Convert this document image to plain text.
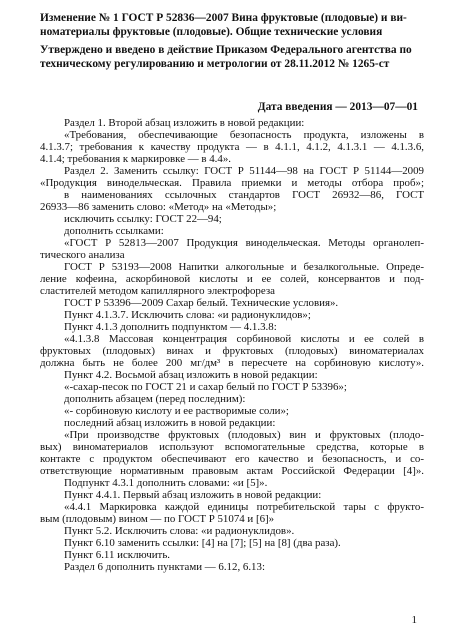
Изменение № 1 ГОСТ Р 52836—2007 Вина фруктовые (плодовые) и ви-

номатериалы фруктовые (плодовые). Общие технические условия

Утверждено и введено в действие Приказом Федерального агентства по

техническому регулированию и метрологии от 28.11.2012 № 1265-ст

Дата введения — 2013—07—01

Раздел 1. Второй абзац изложить в новой редакции:

«Требования, обеспечивающие безопасность продукта, изложены в

4.1.3.7; требования к качеству продукта — в 4.1.1, 4.1.2, 4.1.3.1 — 4.1.3.6,

4.1.4; требования к маркировке — в 4.4».

Раздел 2. Заменить ссылку: ГОСТ Р 51144—98 на ГОСТ Р 51144—2009

«Продукция винодельческая. Правила приемки и методы отбора проб»;

в наименованиях ссылочных стандартов ГОСТ 26932—86, ГОСТ

26933—86 заменить слово: «Метод» на «Методы»;

исключить ссылку: ГОСТ 22—94;

дополнить ссылками:

«ГОСТ Р 52813—2007 Продукция винодельческая. Методы органолеп-

тического анализа

ГОСТ Р 53193—2008 Напитки алкогольные и безалкогольные. Опреде-

ление кофеина, аскорбиновой кислоты и ее солей, консервантов и под-

сластителей методом капиллярного электрофореза

ГОСТ Р 53396—2009 Сахар белый. Технические условия».

Пункт 4.1.3.7. Исключить слова: «и радионуклидов»;

Пункт 4.1.3 дополнить подпунктом — 4.1.3.8:

«4.1.3.8 Массовая концентрация сорбиновой кислоты и ее солей в

фруктовых (плодовых) винах и фруктовых (плодовых) виноматериалах

должна быть не более 200 мг/дм³ в пересчете на сорбиновую кислоту».

Пункт 4.2. Восьмой абзац изложить в новой редакции:

«-сахар-песок по ГОСТ 21 и сахар белый по ГОСТ Р 53396»;

дополнить абзацем (перед последним):

«- сорбиновую кислоту и ее растворимые соли»;

последний абзац изложить в новой редакции:

«При производстве фруктовых (плодовых) вин и фруктовых (плодо-

вых) виноматериалов используют вспомогательные средства, которые в

контакте с продуктом обеспечивают его качество и безопасность, и со-

ответствующие нормативным правовым актам Российской Федерации [4]».

Подпункт 4.3.1 дополнить словами: «и [5]».

Пункт 4.4.1. Первый абзац изложить в новой редакции:

«4.4.1 Маркировка каждой единицы потребительской тары с фрукто-

вым (плодовым) вином — по ГОСТ Р 51074 и [6]»

Пункт 5.2. Исключить слова: «и радионуклидов».

Пункт 6.10 заменить ссылки: [4] на [7]; [5] на [8] (два раза).

Пункт 6.11 исключить.

Раздел 6 дополнить пунктами — 6.12, 6.13:

1
